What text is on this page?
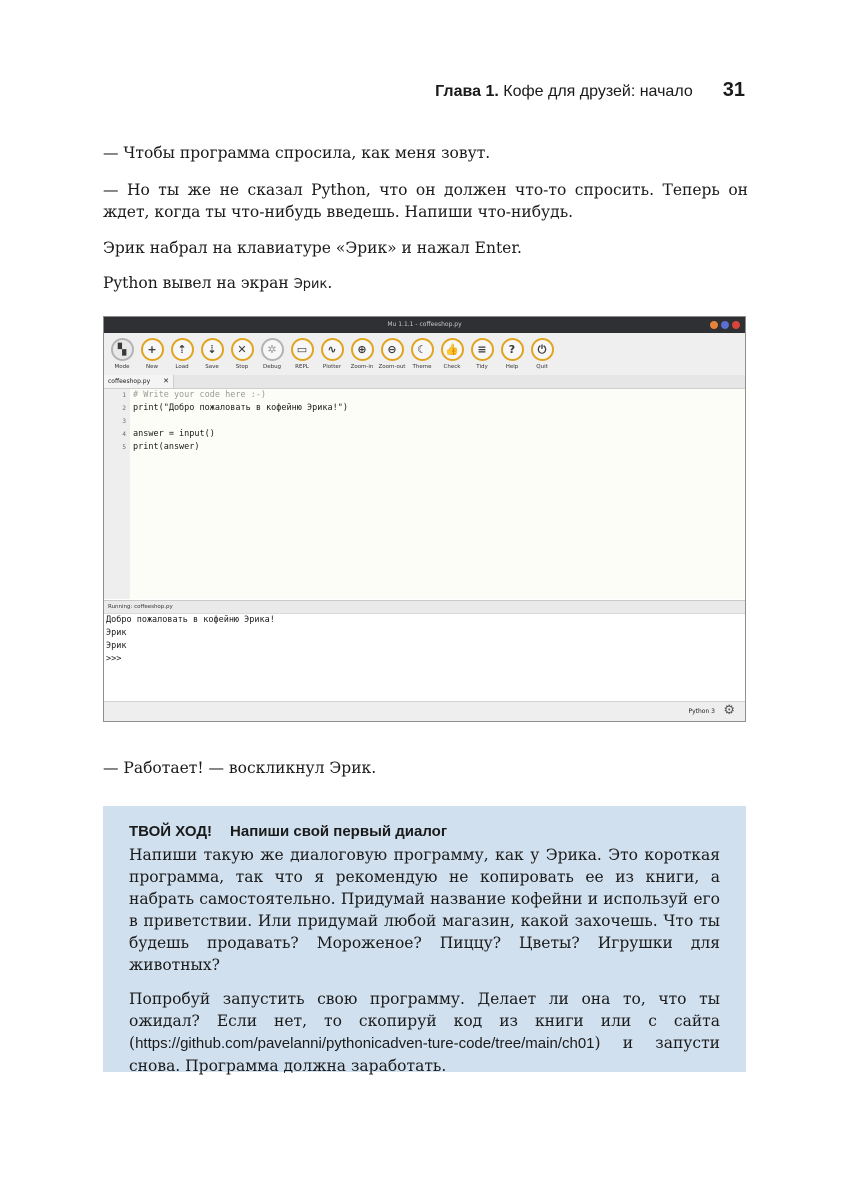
Глава 1. Кофе для друзей: начало 31

— Чтобы программа спросила, как меня зовут.

— Но ты же не сказал Python, что он должен что-то спросить. Теперь он ждет, когда ты что-нибудь введешь. Напиши что-нибудь.

Эрик набрал на клавиатуре «Эрик» и нажал Enter.

Python вывел на экран Эрик.

Mu 1.1.1 - coffeeshop.py
▚
Mode
+
New
⇡
Load
⇣
Save
✕
Stop
✲
Debug
▭
REPL
∿
Plotter
⊕
Zoom-in
⊖
Zoom-out
☾
Theme
👍
Check
≡
Tidy
?
Help
⏻
Quit
coffeeshop.py ✕
1 # Write your code here :-)
2 print("Добро пожаловать в кофейню Эрика!")
3
4 answer = input()
5 print(answer)
Running: coffeeshop.py
Добро пожаловать в кофейню Эрика!
Эрик
Эрик
>>>
Python 3 ⚙

— Работает! — воскликнул Эрик.

ТВОЙ ХОД! Напиши свой первый диалог

Напиши такую же диалоговую программу, как у Эрика. Это короткая программа, так что я рекомендую не копировать ее из книги, а набрать самостоятельно. Придумай название кофейни и используй его в приветствии. Или придумай любой магазин, какой захочешь. Что ты будешь продавать? Мороженое? Пиццу? Цветы? Игрушки для животных?

Попробуй запустить свою программу. Делает ли она то, что ты ожидал? Если нет, то скопируй код из книги или с сайта (https://github.com/pavelanni/pythonicadven-ture-code/tree/main/ch01) и запусти снова. Программа должна заработать.
